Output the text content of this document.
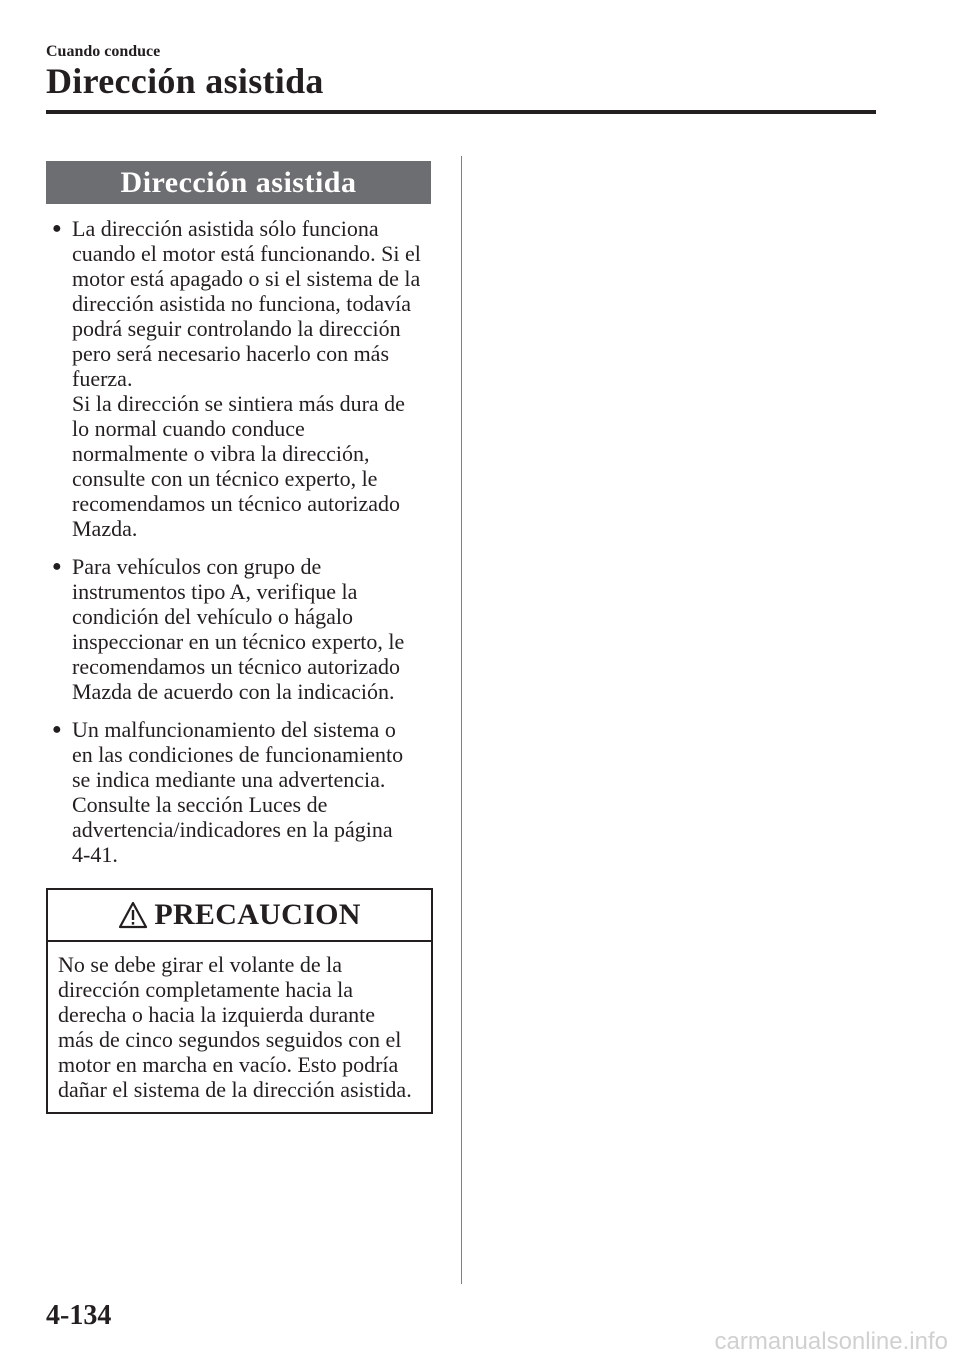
Cuando conduce
Dirección asistida
Dirección asistida
● La dirección asistida sólo funciona
cuando el motor está funcionando. Si el
motor está apagado o si el sistema de la
dirección asistida no funciona, todavía
podrá seguir controlando la dirección
pero será necesario hacerlo con más
fuerza.
Si la dirección se sintiera más dura de
lo normal cuando conduce
normalmente o vibra la dirección,
consulte con un técnico experto, le
recomendamos un técnico autorizado
Mazda.
● Para vehículos con grupo de
instrumentos tipo A, verifique la
condición del vehículo o hágalo
inspeccionar en un técnico experto, le
recomendamos un técnico autorizado
Mazda de acuerdo con la indicación.
● Un malfuncionamiento del sistema o
en las condiciones de funcionamiento
se indica mediante una advertencia.
Consulte la sección Luces de
advertencia/indicadores en la página
4-41.
PRECAUCION
No se debe girar el volante de la
dirección completamente hacia la
derecha o hacia la izquierda durante
más de cinco segundos seguidos con el
motor en marcha en vacío. Esto podría
dañar el sistema de la dirección asistida.
4-134
carmanualsonline.info
